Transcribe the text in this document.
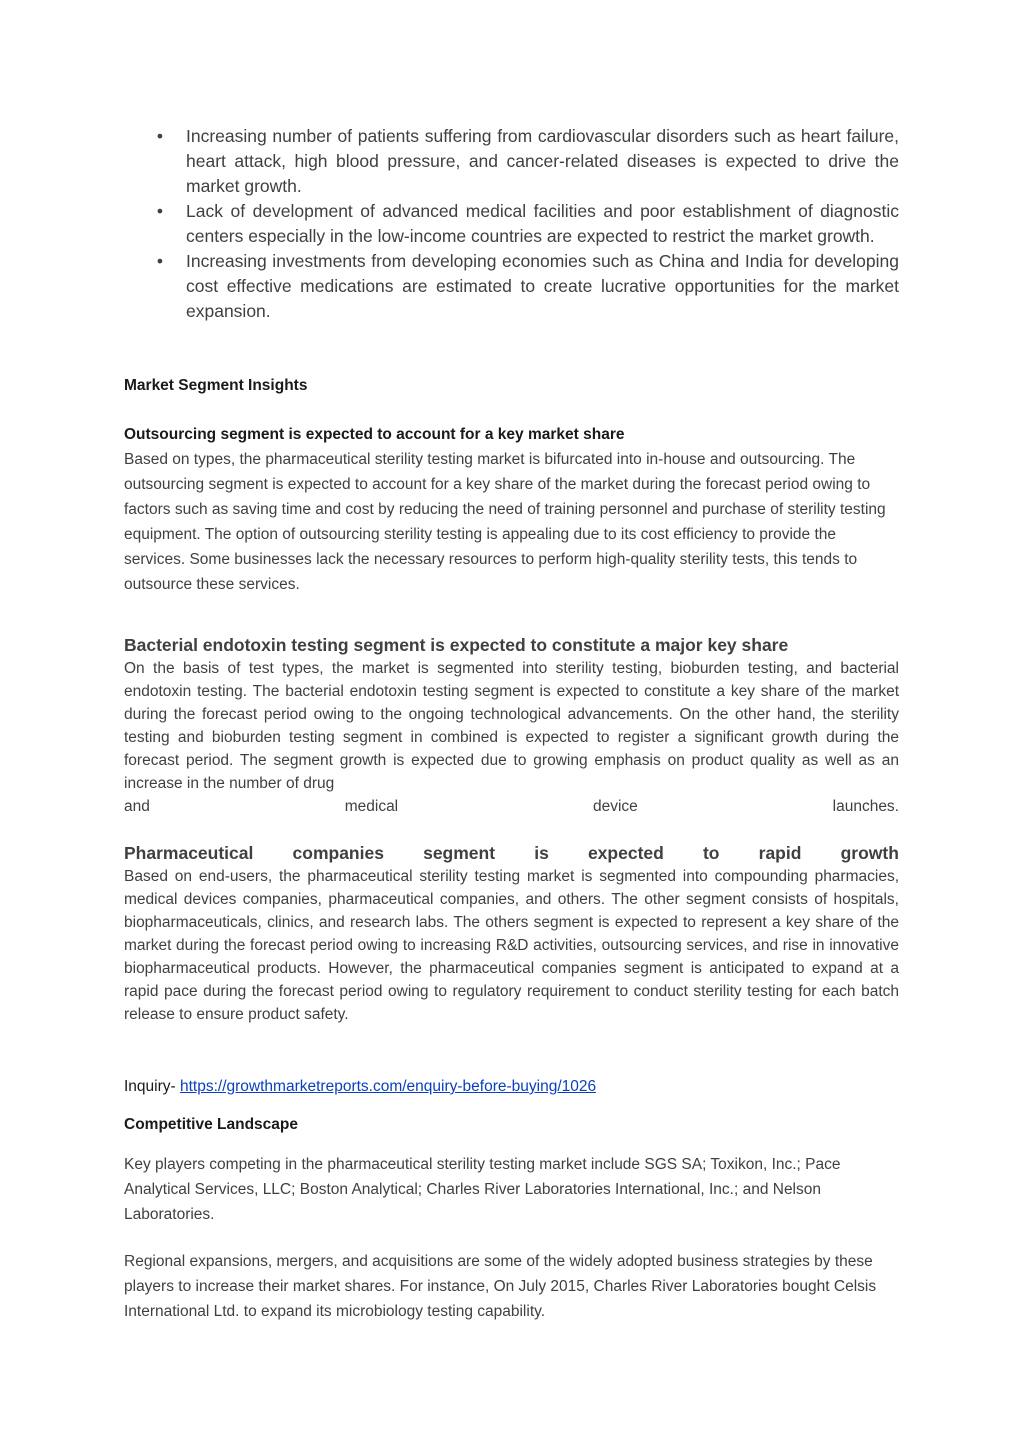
• Increasing number of patients suffering from cardiovascular disorders such as heart failure, heart attack, high blood pressure, and cancer-related diseases is expected to drive the market growth.
• Lack of development of advanced medical facilities and poor establishment of diagnostic centers especially in the low-income countries are expected to restrict the market growth.
• Increasing investments from developing economies such as China and India for developing cost effective medications are estimated to create lucrative opportunities for the market expansion.
Market Segment Insights
Outsourcing segment is expected to account for a key market share

Based on types, the pharmaceutical sterility testing market is bifurcated into in-house and outsourcing. The outsourcing segment is expected to account for a key share of the market during the forecast period owing to factors such as saving time and cost by reducing the need of training personnel and purchase of sterility testing equipment. The option of outsourcing sterility testing is appealing due to its cost efficiency to provide the services. Some businesses lack the necessary resources to perform high-quality sterility tests, this tends to outsource these services.

Bacterial endotoxin testing segment is expected to constitute a major key share
On the basis of test types, the market is segmented into sterility testing, bioburden testing, and bacterial endotoxin testing. The bacterial endotoxin testing segment is expected to constitute a key share of the market during the forecast period owing to the ongoing technological advancements. On the other hand, the sterility testing and bioburden testing segment in combined is expected to register a significant growth during the forecast period. The segment growth is expected due to growing emphasis on product quality as well as an increase in the number of drug
and	medical	device	launches.
Pharmaceutical companies segment is expected to rapid growth

Based on end-users, the pharmaceutical sterility testing market is segmented into compounding pharmacies, medical devices companies, pharmaceutical companies, and others. The other segment consists of hospitals, biopharmaceuticals, clinics, and research labs. The others segment is expected to represent a key share of the market during the forecast period owing to increasing R&D activities, outsourcing services, and rise in innovative biopharmaceutical products. However, the pharmaceutical companies segment is anticipated to expand at a rapid pace during the forecast period owing to regulatory requirement to conduct sterility testing for each batch release to ensure product safety.

Inquiry- https://growthmarketreports.com/enquiry-before-buying/1026

Competitive Landscape

Key players competing in the pharmaceutical sterility testing market include SGS SA; Toxikon, Inc.; Pace Analytical Services, LLC; Boston Analytical; Charles River Laboratories International, Inc.; and Nelson Laboratories.

Regional expansions, mergers, and acquisitions are some of the widely adopted business strategies by these players to increase their market shares. For instance, On July 2015, Charles River Laboratories bought Celsis International Ltd. to expand its microbiology testing capability.
